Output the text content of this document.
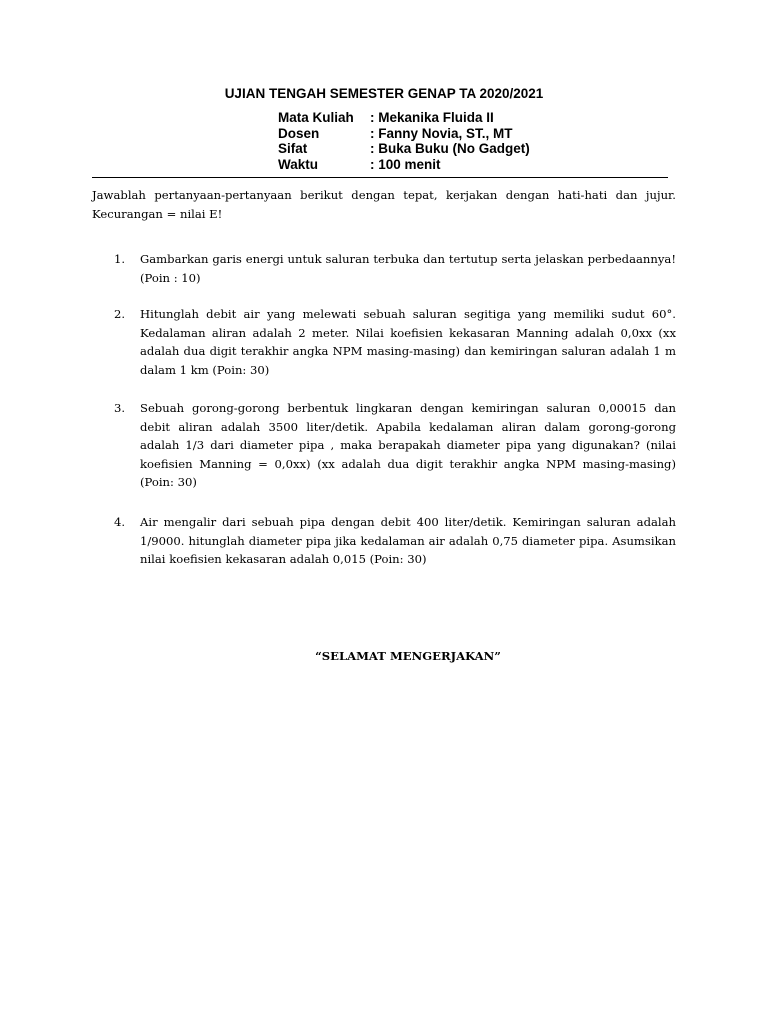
UJIAN TENGAH SEMESTER GENAP TA 2020/2021
Mata Kuliah	: Mekanika Fluida II
Dosen	: Fanny Novia, ST., MT
Sifat	: Buka Buku (No Gadget)
Waktu	: 100 menit
Jawablah pertanyaan-pertanyaan berikut dengan tepat, kerjakan dengan hati-hati dan jujur. Kecurangan = nilai E!
1.	Gambarkan garis energi untuk saluran terbuka dan tertutup serta jelaskan perbedaannya! (Poin : 10)
2.	Hitunglah debit air yang melewati sebuah saluran segitiga yang memiliki sudut 60°. Kedalaman aliran adalah 2 meter. Nilai koefisien kekasaran Manning adalah 0,0xx (xx adalah dua digit terakhir angka NPM masing-masing) dan kemiringan saluran adalah 1 m dalam 1 km (Poin: 30)
3.	Sebuah gorong-gorong berbentuk lingkaran dengan kemiringan saluran 0,00015 dan debit aliran adalah 3500 liter/detik. Apabila kedalaman aliran dalam gorong-gorong adalah 1/3 dari diameter pipa , maka berapakah diameter pipa yang digunakan? (nilai koefisien Manning = 0,0xx) (xx adalah dua digit terakhir angka NPM masing-masing) (Poin: 30)
4.	Air mengalir dari sebuah pipa dengan debit 400 liter/detik. Kemiringan saluran adalah 1/9000. hitunglah diameter pipa jika kedalaman air adalah 0,75 diameter pipa. Asumsikan nilai koefisien kekasaran adalah 0,015 (Poin: 30)
“SELAMAT MENGERJAKAN”
